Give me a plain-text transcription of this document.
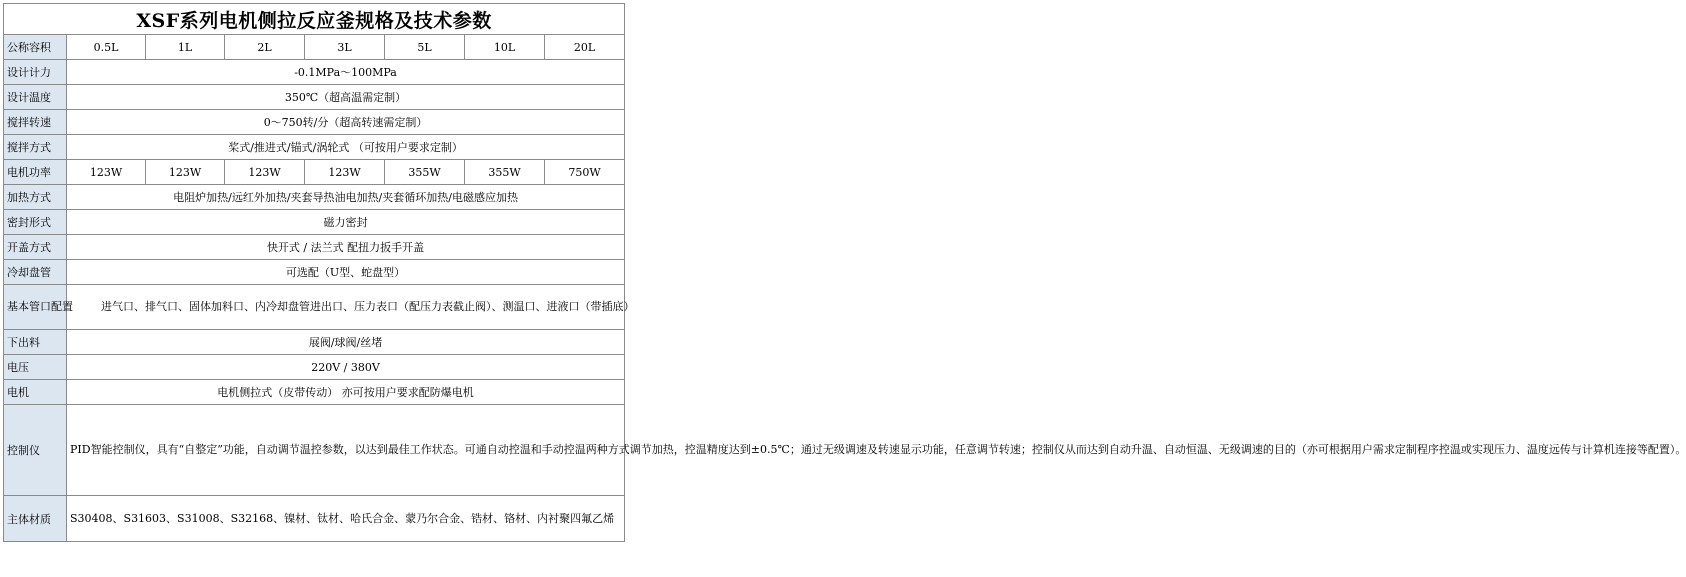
XSF系列电机侧拉反应釜规格及技术参数							
公称容积	0.5L	1L	2L	3L	5L	10L	20L
设计计力	-0.1MPa～100MPa						
设计温度	350℃（超高温需定制）						
搅拌转速	0～750转/分（超高转速需定制）						
搅拌方式	桨式/推进式/锚式/涡轮式 （可按用户要求定制）						
电机功率	123W	123W	123W	123W	355W	355W	750W
加热方式	电阻炉加热/远红外加热/夹套导热油电加热/夹套循环加热/电磁感应加热						
密封形式	磁力密封						
开盖方式	快开式 / 法兰式 配扭力扳手开盖						
冷却盘管	可选配（U型、蛇盘型）						
基本管口配置	进气口、排气口、固体加料口、内冷却盘管进出口、压力表口（配压力表截止阀）、测温口、进液口（带插底）						
下出料	展阀/球阀/丝堵						
电压	220V / 380V						
电机	电机侧拉式（皮带传动） 亦可按用户要求配防爆电机						
控制仪	PID智能控制仪，具有“自整定”功能，自动调节温控参数，以达到最佳工作状态。可通自动控温和手动控温两种方式调节加热，控温精度达到±0.5℃；通过无级调速及转速显示功能，任意调节转速；控制仪从而达到自动升温、自动恒温、无级调速的目的（亦可根据用户需求定制程序控温或实现压力、温度远传与计算机连接等配置）。						
主体材质	S30408、S31603、S31008、S32168、镍材、钛材、哈氏合金、蒙乃尔合金、锆材、铬材、内衬聚四氟乙烯						
